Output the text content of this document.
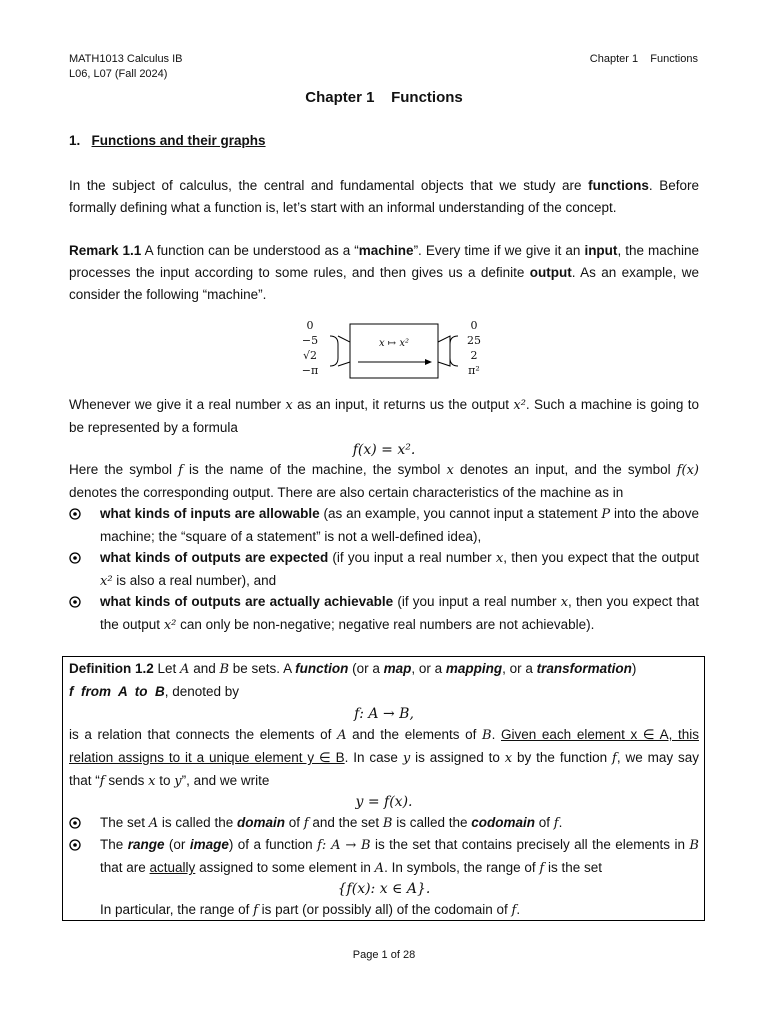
MATH1013 Calculus IB
L06, L07 (Fall 2024)
Chapter 1    Functions
Chapter 1    Functions
1. Functions and their graphs
In the subject of calculus, the central and fundamental objects that we study are functions. Before formally defining what a function is, let’s start with an informal understanding of the concept.
Remark 1.1 A function can be understood as a “machine”. Every time if we give it an input, the machine processes the input according to some rules, and then gives us a definite output. As an example, we consider the following “machine”.
0
−5
√2
−π
x ↦ x²
0
25
2
π²
Whenever we give it a real number x as an input, it returns us the output x². Such a machine is going to be represented by a formula
f(x) = x².
Here the symbol f is the name of the machine, the symbol x denotes an input, and the symbol f(x) denotes the corresponding output. There are also certain characteristics of the machine as in
what kinds of inputs are allowable (as an example, you cannot input a statement P into the above machine; the “square of a statement” is not a well-defined idea),
what kinds of outputs are expected (if you input a real number x, then you expect that the output x² is also a real number), and
what kinds of outputs are actually achievable (if you input a real number x, then you expect that the output x² can only be non-negative; negative real numbers are not achievable).
Definition 1.2 Let A and B be sets. A function (or a map, or a mapping, or a transformation)
f  from  A  to  B, denoted by
f: A → B,
is a relation that connects the elements of A and the elements of B. Given each element x ∈ A, this relation assigns to it a unique element y ∈ B. In case y is assigned to x by the function f, we may say that “f sends x to y”, and we write
y = f(x).
The set A is called the domain of f and the set B is called the codomain of f.
The range (or image) of a function f: A → B is the set that contains precisely all the elements in B that are actually assigned to some element in A. In symbols, the range of f is the set
{f(x): x ∈ A}.
In particular, the range of f is part (or possibly all) of the codomain of f.
Page 1 of 28
